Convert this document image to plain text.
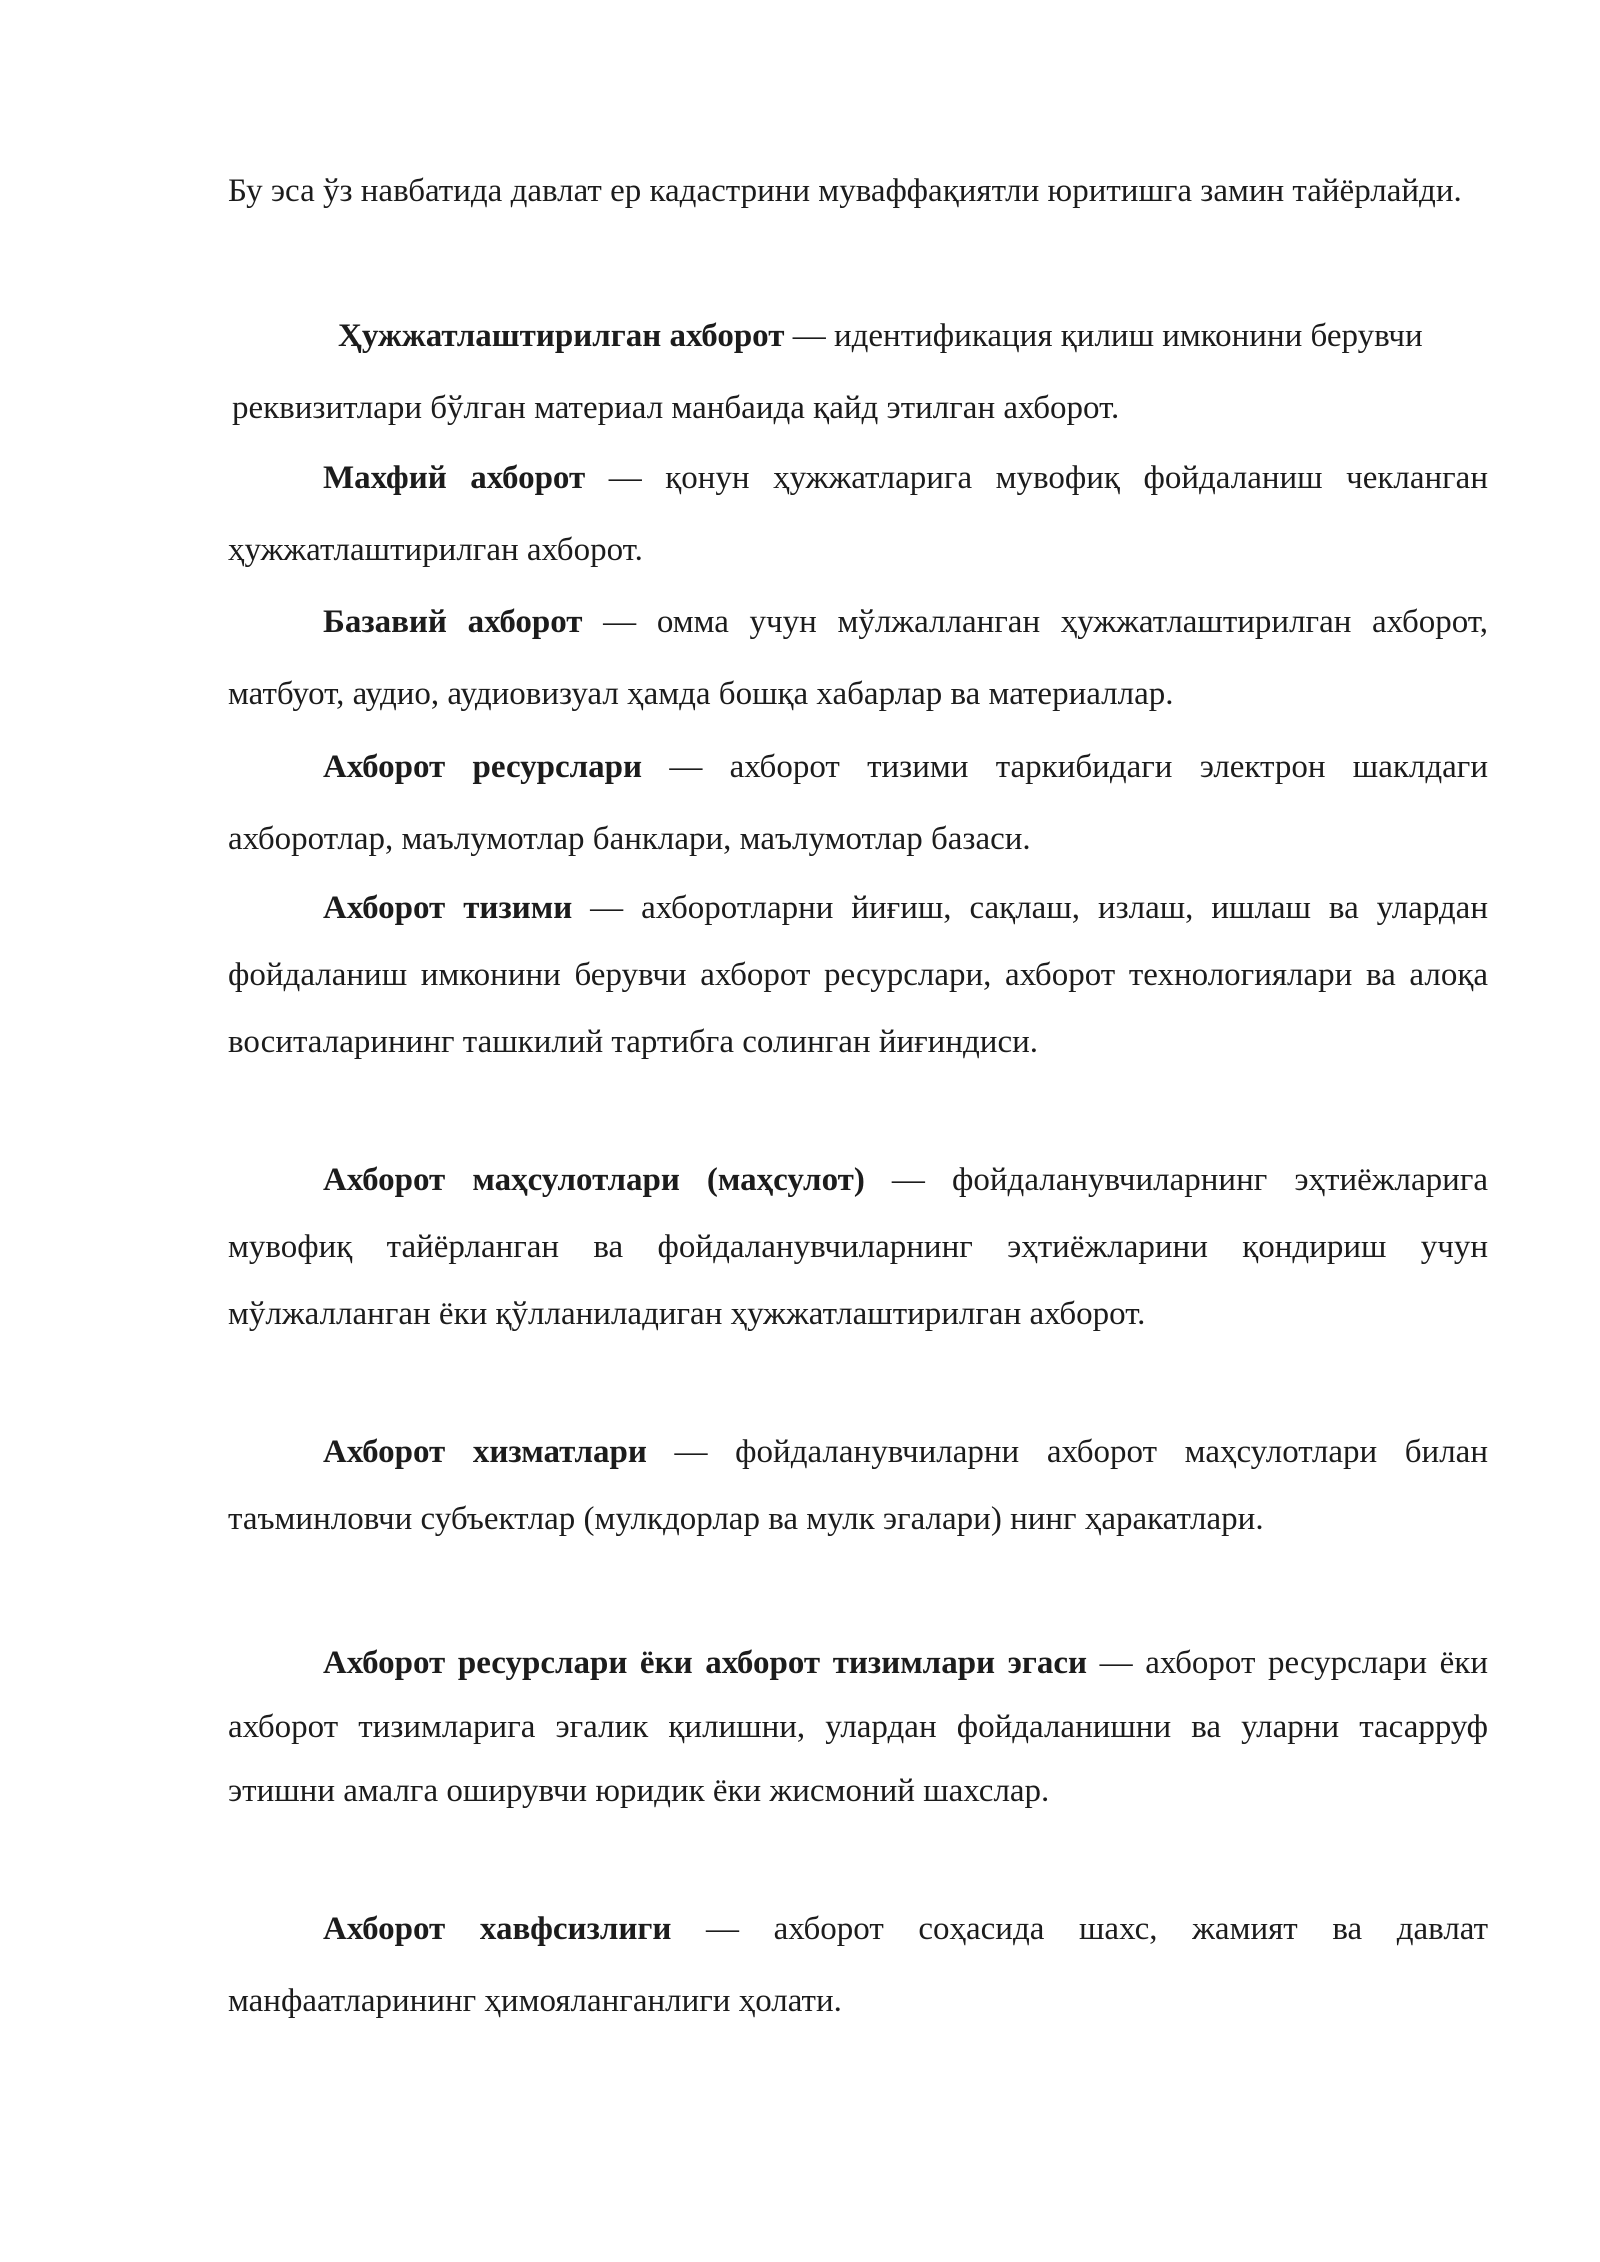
Бу эса ўз навбатида давлат ер кадастрини муваффақиятли юритишга замин тайёрлайди.

Ҳужжатлаштирилган ахборот — идентификация қилиш имконини берувчи реквизитлари бўлган материал манбаида қайд этилган ахборот.

Махфий ахборот — қонун ҳужжатларига мувофиқ фойдаланиш чекланган ҳужжатлаштирилган ахборот.

Базавий ахборот — омма учун мўлжалланган ҳужжатлаштирилган ахборот, матбуот, аудио, аудиовизуал ҳамда бошқа хабарлар ва материаллар.

Ахборот ресурслари — ахборот тизими таркибидаги электрон шаклдаги ахборотлар, маълумотлар банклари, маълумотлар базаси.

Ахборот тизими — ахборотларни йиғиш, сақлаш, излаш, ишлаш ва улардан фойдаланиш имконини берувчи ахборот ресурслари, ахборот технологиялари ва алоқа воситаларининг ташкилий тартибга солинган йиғиндиси.

Ахборот маҳсулотлари (маҳсулот) — фойдаланувчиларнинг эҳтиёжларига мувофиқ тайёрланган ва фойдаланувчиларнинг эҳтиёжларини қондириш учун мўлжалланган ёки қўлланиладиган ҳужжатлаштирилган ахборот.

Ахборот хизматлари — фойдаланувчиларни ахборот маҳсулотлари билан таъминловчи субъектлар (мулкдорлар ва мулк эгалари) нинг ҳаракатлари.

Ахборот ресурслари ёки ахборот тизимлари эгаси — ахборот ресурслари ёки ахборот тизимларига эгалик қилишни, улардан фойдаланишни ва уларни тасарруф этишни амалга оширувчи юридик ёки жисмоний шахслар.

Ахборот хавфсизлиги — ахборот соҳасида шахс, жамият ва давлат манфаатларининг ҳимояланганлиги ҳолати.
